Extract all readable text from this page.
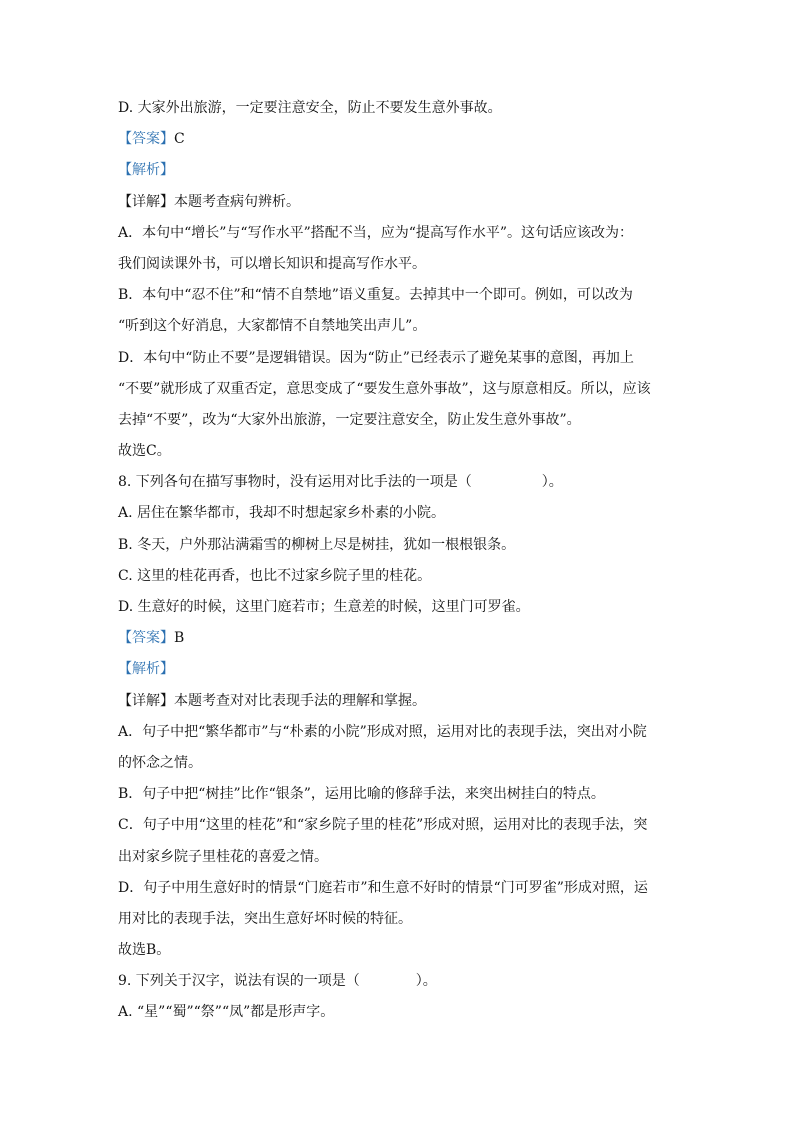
D. 大家外出旅游，一定要注意安全，防止不要发生意外事故。
【答案】C
【解析】
【详解】本题考查病句辨析。
A．本句中“增长”与“写作水平”搭配不当，应为“提高写作水平”。这句话应该改为：
我们阅读课外书，可以增长知识和提高写作水平。
B．本句中“忍不住”和“情不自禁地”语义重复。去掉其中一个即可。例如，可以改为
“听到这个好消息，大家都情不自禁地笑出声儿”。
D．本句中“防止不要”是逻辑错误。因为“防止”已经表示了避免某事的意图，再加上
“不要”就形成了双重否定，意思变成了“要发生意外事故”，这与原意相反。所以，应该
去掉“不要”，改为“大家外出旅游，一定要注意安全，防止发生意外事故”。
故选C。
8. 下列各句在描写事物时，没有运用对比手法的一项是（　　　　　）。
A. 居住在繁华都市，我却不时想起家乡朴素的小院。
B. 冬天，户外那沾满霜雪的柳树上尽是树挂，犹如一根根银条。
C. 这里的桂花再香，也比不过家乡院子里的桂花。
D. 生意好的时候，这里门庭若市；生意差的时候，这里门可罗雀。
【答案】B
【解析】
【详解】本题考查对对比表现手法的理解和掌握。
A．句子中把“繁华都市”与“朴素的小院”形成对照，运用对比的表现手法，突出对小院
的怀念之情。
B．句子中把“树挂”比作“银条”，运用比喻的修辞手法，来突出树挂白的特点。
C．句子中用“这里的桂花”和“家乡院子里的桂花”形成对照，运用对比的表现手法，突
出对家乡院子里桂花的喜爱之情。
D．句子中用生意好时的情景“门庭若市”和生意不好时的情景“门可罗雀”形成对照，运
用对比的表现手法，突出生意好坏时候的特征。
故选B。
9. 下列关于汉字，说法有误的一项是（　　　　）。
A. “星”“蜀”“祭”“凤”都是形声字。
